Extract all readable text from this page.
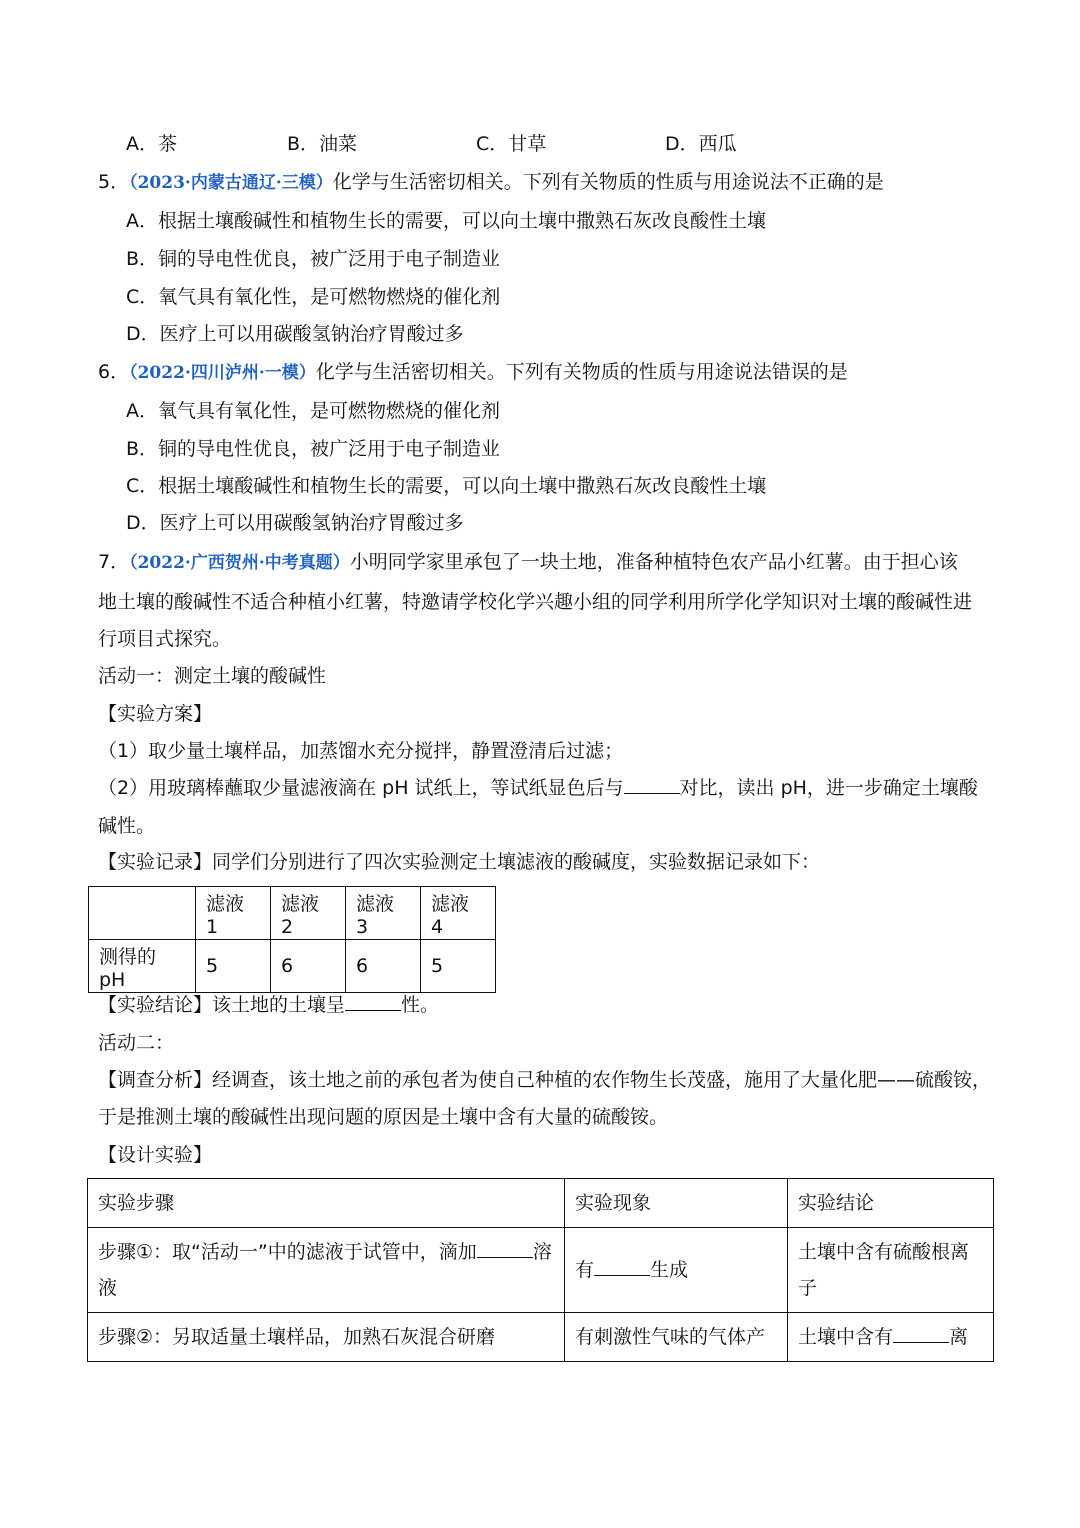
A．茶	B．油菜	C．甘草	D．西瓜
5．（2023·内蒙古通辽·三模）化学与生活密切相关。下列有关物质的性质与用途说法不正确的是
A．根据土壤酸碱性和植物生长的需要，可以向土壤中撒熟石灰改良酸性土壤
B．铜的导电性优良，被广泛用于电子制造业
C．氧气具有氧化性，是可燃物燃烧的催化剂
D．医疗上可以用碳酸氢钠治疗胃酸过多
6．（2022·四川泸州·一模）化学与生活密切相关。下列有关物质的性质与用途说法错误的是
A．氧气具有氧化性，是可燃物燃烧的催化剂
B．铜的导电性优良，被广泛用于电子制造业
C．根据土壤酸碱性和植物生长的需要，可以向土壤中撒熟石灰改良酸性土壤
D．医疗上可以用碳酸氢钠治疗胃酸过多
7．（2022·广西贺州·中考真题）小明同学家里承包了一块土地，准备种植特色农产品小红薯。由于担心该
地土壤的酸碱性不适合种植小红薯，特邀请学校化学兴趣小组的同学利用所学化学知识对土壤的酸碱性进
行项目式探究。
活动一：测定土壤的酸碱性
【实验方案】
（1）取少量土壤样品，加蒸馏水充分搅拌，静置澄清后过滤；
（2）用玻璃棒蘸取少量滤液滴在 pH 试纸上，等试纸显色后与	对比，读出 pH，进一步确定土壤酸
碱性。
【实验记录】同学们分别进行了四次实验测定土壤滤液的酸碱度，实验数据记录如下：
	滤液 1	滤液 2	滤液 3	滤液 4
测得的 pH	5	6	6	5
【实验结论】该土地的土壤呈	性。
活动二：
【调查分析】经调查，该土地之前的承包者为使自己种植的农作物生长茂盛，施用了大量化肥——硫酸铵，
于是推测土壤的酸碱性出现问题的原因是土壤中含有大量的硫酸铵。
【设计实验】
实验步骤	实验现象	实验结论
步骤①：取“活动一”中的滤液于试管中，滴加 溶
液	有 生成	土壤中含有硫酸根离子
步骤②：另取适量土壤样品，加熟石灰混合研磨	有刺激性气味的气体产	土壤中含有 离
